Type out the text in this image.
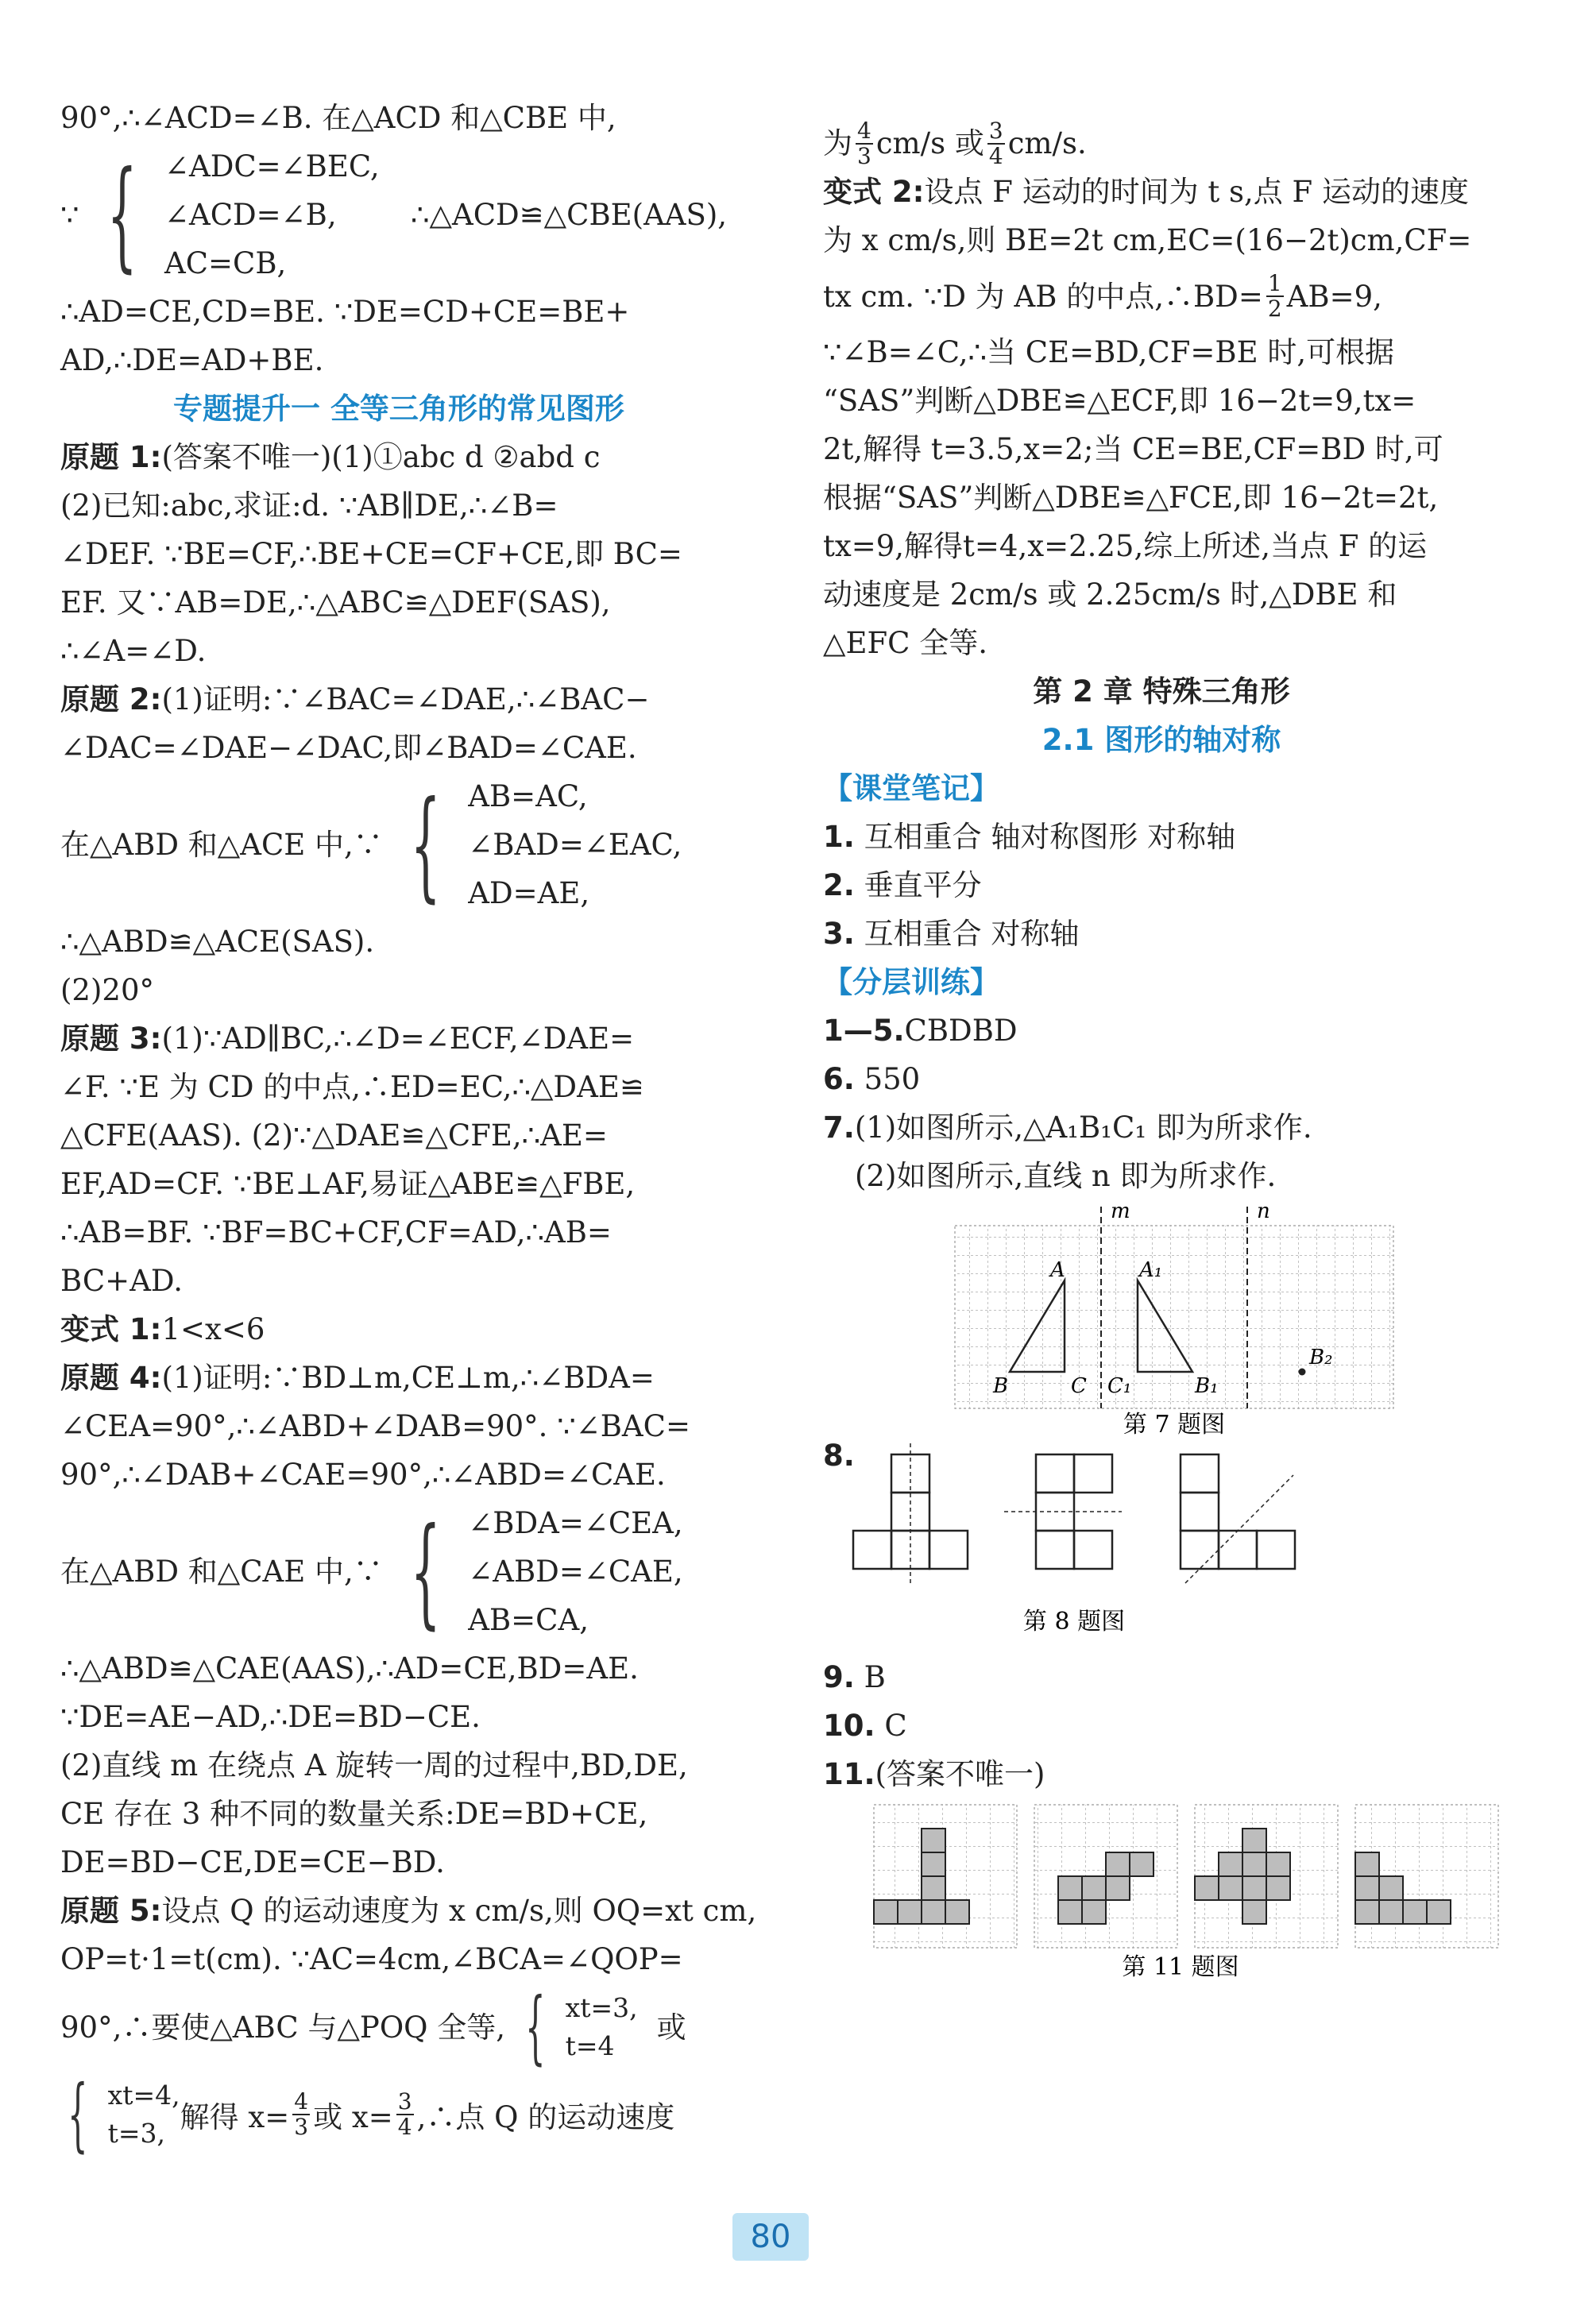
90°,∴∠ACD=∠B. 在△ACD 和△CBE 中,
∵ { ∠ADC=∠BEC,
∠ACD=∠B,
AC=CB,
∴△ACD≌△CBE(AAS),
∴AD=CE,CD=BE. ∵DE=CD+CE=BE+
AD,∴DE=AD+BE.
专题提升一 全等三角形的常见图形
原题 1:(答案不唯一)(1)①abc d ②abd c
(2)已知:abc,求证:d. ∵AB∥DE,∴∠B=
∠DEF. ∵BE=CF,∴BE+CE=CF+CE,即 BC=
EF. 又∵AB=DE,∴△ABC≌△DEF(SAS),
∴∠A=∠D.
原题 2:(1)证明:∵∠BAC=∠DAE,∴∠BAC−
∠DAC=∠DAE−∠DAC,即∠BAD=∠CAE.
在△ABD 和△ACE 中,∵ { AB=AC,
∠BAD=∠EAC,
AD=AE,
∴△ABD≌△ACE(SAS).
(2)20°
原题 3:(1)∵AD∥BC,∴∠D=∠ECF,∠DAE=
∠F. ∵E 为 CD 的中点,∴ED=EC,∴△DAE≌
△CFE(AAS). (2)∵△DAE≌△CFE,∴AE=
EF,AD=CF. ∵BE⊥AF,易证△ABE≌△FBE,
∴AB=BF. ∵BF=BC+CF,CF=AD,∴AB=
BC+AD.
变式 1:1<x<6
原题 4:(1)证明:∵BD⊥m,CE⊥m,∴∠BDA=
∠CEA=90°,∴∠ABD+∠DAB=90°. ∵∠BAC=
90°,∴∠DAB+∠CAE=90°,∴∠ABD=∠CAE.
在△ABD 和△CAE 中,∵ { ∠BDA=∠CEA,
∠ABD=∠CAE,
AB=CA,
∴△ABD≌△CAE(AAS),∴AD=CE,BD=AE.
∵DE=AE−AD,∴DE=BD−CE.
(2)直线 m 在绕点 A 旋转一周的过程中,BD,DE,
CE 存在 3 种不同的数量关系:DE=BD+CE,
DE=BD−CE,DE=CE−BD.
原题 5:设点 Q 的运动速度为 x cm/s,则 OQ=xt cm,
OP=t·1=t(cm). ∵AC=4cm,∠BCA=∠QOP=
90°,∴要使△ABC 与△POQ 全等, { xt=3,
t=4
或
{ xt=4,
t=3, 解得 $x= \frac{4}{3}$ 或 $x= \frac{3}{4}$ ,∴点 Q 的运动速度
为 $\frac{4}{3} cm/s$ 或 $\frac{3}{4} cm/s$.
变式 2:设点 F 运动的时间为 t s,点 F 运动的速度
为 x cm/s,则 BE=2t cm,EC=(16−2t)cm,CF=
tx cm. ∵D 为 AB 的中点,∴BD= $\frac{1}{2} AB=9$,
∵∠B=∠C,∴当 CE=BD,CF=BE 时,可根据
“SAS”判断△DBE≌△ECF,即 16−2t=9,tx=
2t,解得 t=3.5,x=2;当 CE=BE,CF=BD 时,可
根据“SAS”判断△DBE≌△FCE,即 16−2t=2t,
tx=9,解得t=4,x=2.25,综上所述,当点 F 的运
动速度是 2cm/s 或 2.25cm/s 时,△DBE 和
△EFC 全等.
第 2 章 特殊三角形
2.1 图形的轴对称
【课堂笔记】
1. 互相重合 轴对称图形 对称轴
2. 垂直平分
3. 互相重合 对称轴
【分层训练】
1—5.CBDBD
6. 550
7.(1)如图所示,△A₁B₁C₁ 即为所求作.
(2)如图所示,直线 n 即为所求作.
m	n
A	A₁
B	C C₁	B₁
B₂
第 7 题图
8.
第 8 题图
9. B
10. C
11.(答案不唯一)
第 11 题图
80
